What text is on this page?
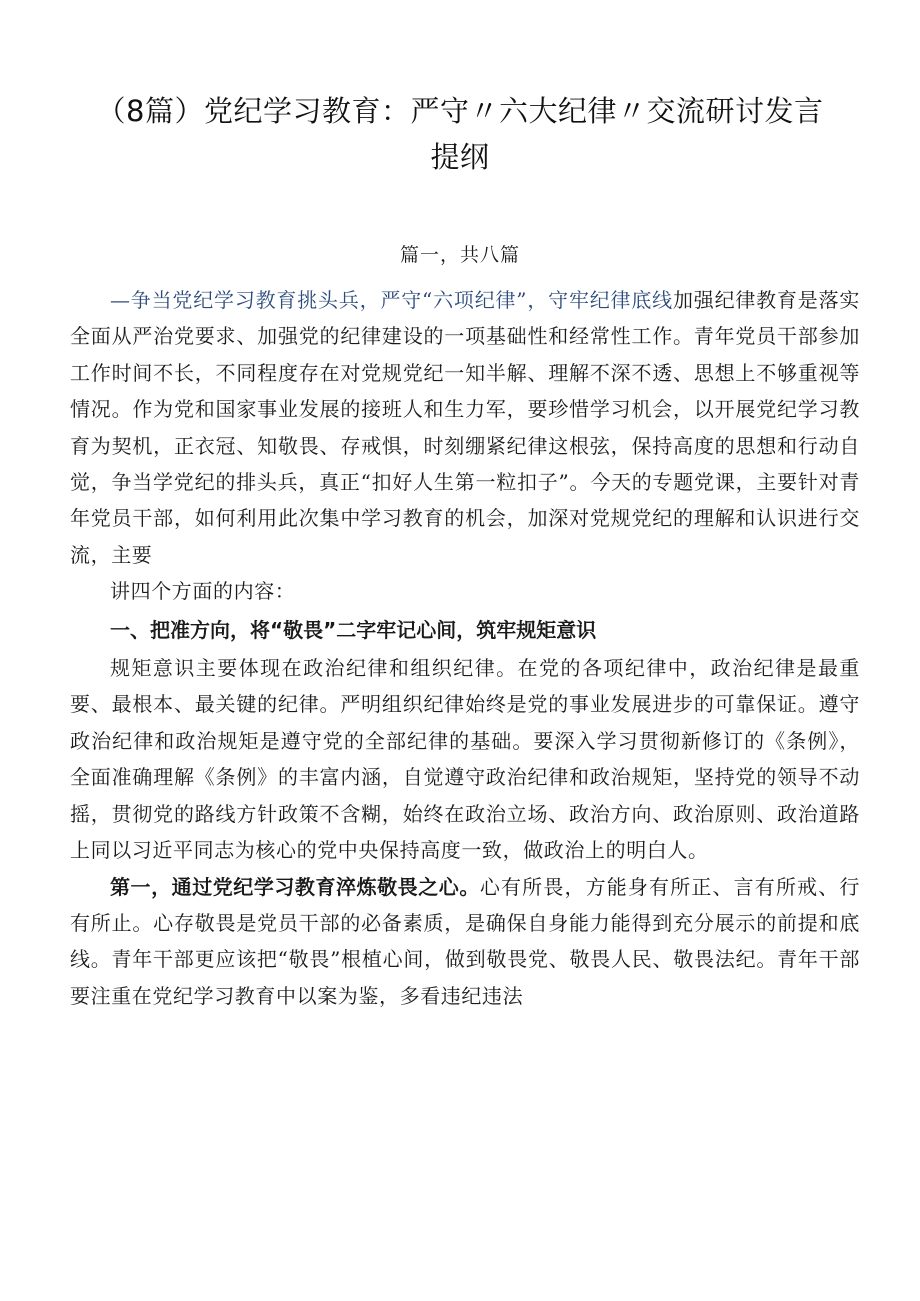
（8篇）党纪学习教育：严守〃六大纪律〃交流研讨发言
提纲
篇一，共八篇

—争当党纪学习教育挑头兵，严守“六项纪律”，守牢纪律底线加强纪律教育是落实全面从严治党要求、加强党的纪律建设的一项基础性和经常性工作。青年党员干部参加工作时间不长，不同程度存在对党规党纪一知半解、理解不深不透、思想上不够重视等情况。作为党和国家事业发展的接班人和生力军，要珍惜学习机会，以开展党纪学习教育为契机，正衣冠、知敬畏、存戒惧，时刻绷紧纪律这根弦，保持高度的思想和行动自觉，争当学党纪的排头兵，真正“扣好人生第一粒扣子”。今天的专题党课，主要针对青年党员干部，如何利用此次集中学习教育的机会，加深对党规党纪的理解和认识进行交流，主要

讲四个方面的内容：

一、把准方向，将“敬畏”二字牢记心间，筑牢规矩意识

规矩意识主要体现在政治纪律和组织纪律。在党的各项纪律中，政治纪律是最重要、最根本、最关键的纪律。严明组织纪律始终是党的事业发展进步的可靠保证。遵守政治纪律和政治规矩是遵守党的全部纪律的基础。要深入学习贯彻新修订的《条例》，全面准确理解《条例》的丰富内涵，自觉遵守政治纪律和政治规矩，坚持党的领导不动摇，贯彻党的路线方针政策不含糊，始终在政治立场、政治方向、政治原则、政治道路上同以习近平同志为核心的党中央保持高度一致，做政治上的明白人。

第一，通过党纪学习教育淬炼敬畏之心。心有所畏，方能身有所正、言有所戒、行有所止。心存敬畏是党员干部的必备素质，是确保自身能力能得到充分展示的前提和底线。青年干部更应该把“敬畏”根植心间，做到敬畏党、敬畏人民、敬畏法纪。青年干部要注重在党纪学习教育中以案为鉴，多看违纪违法
